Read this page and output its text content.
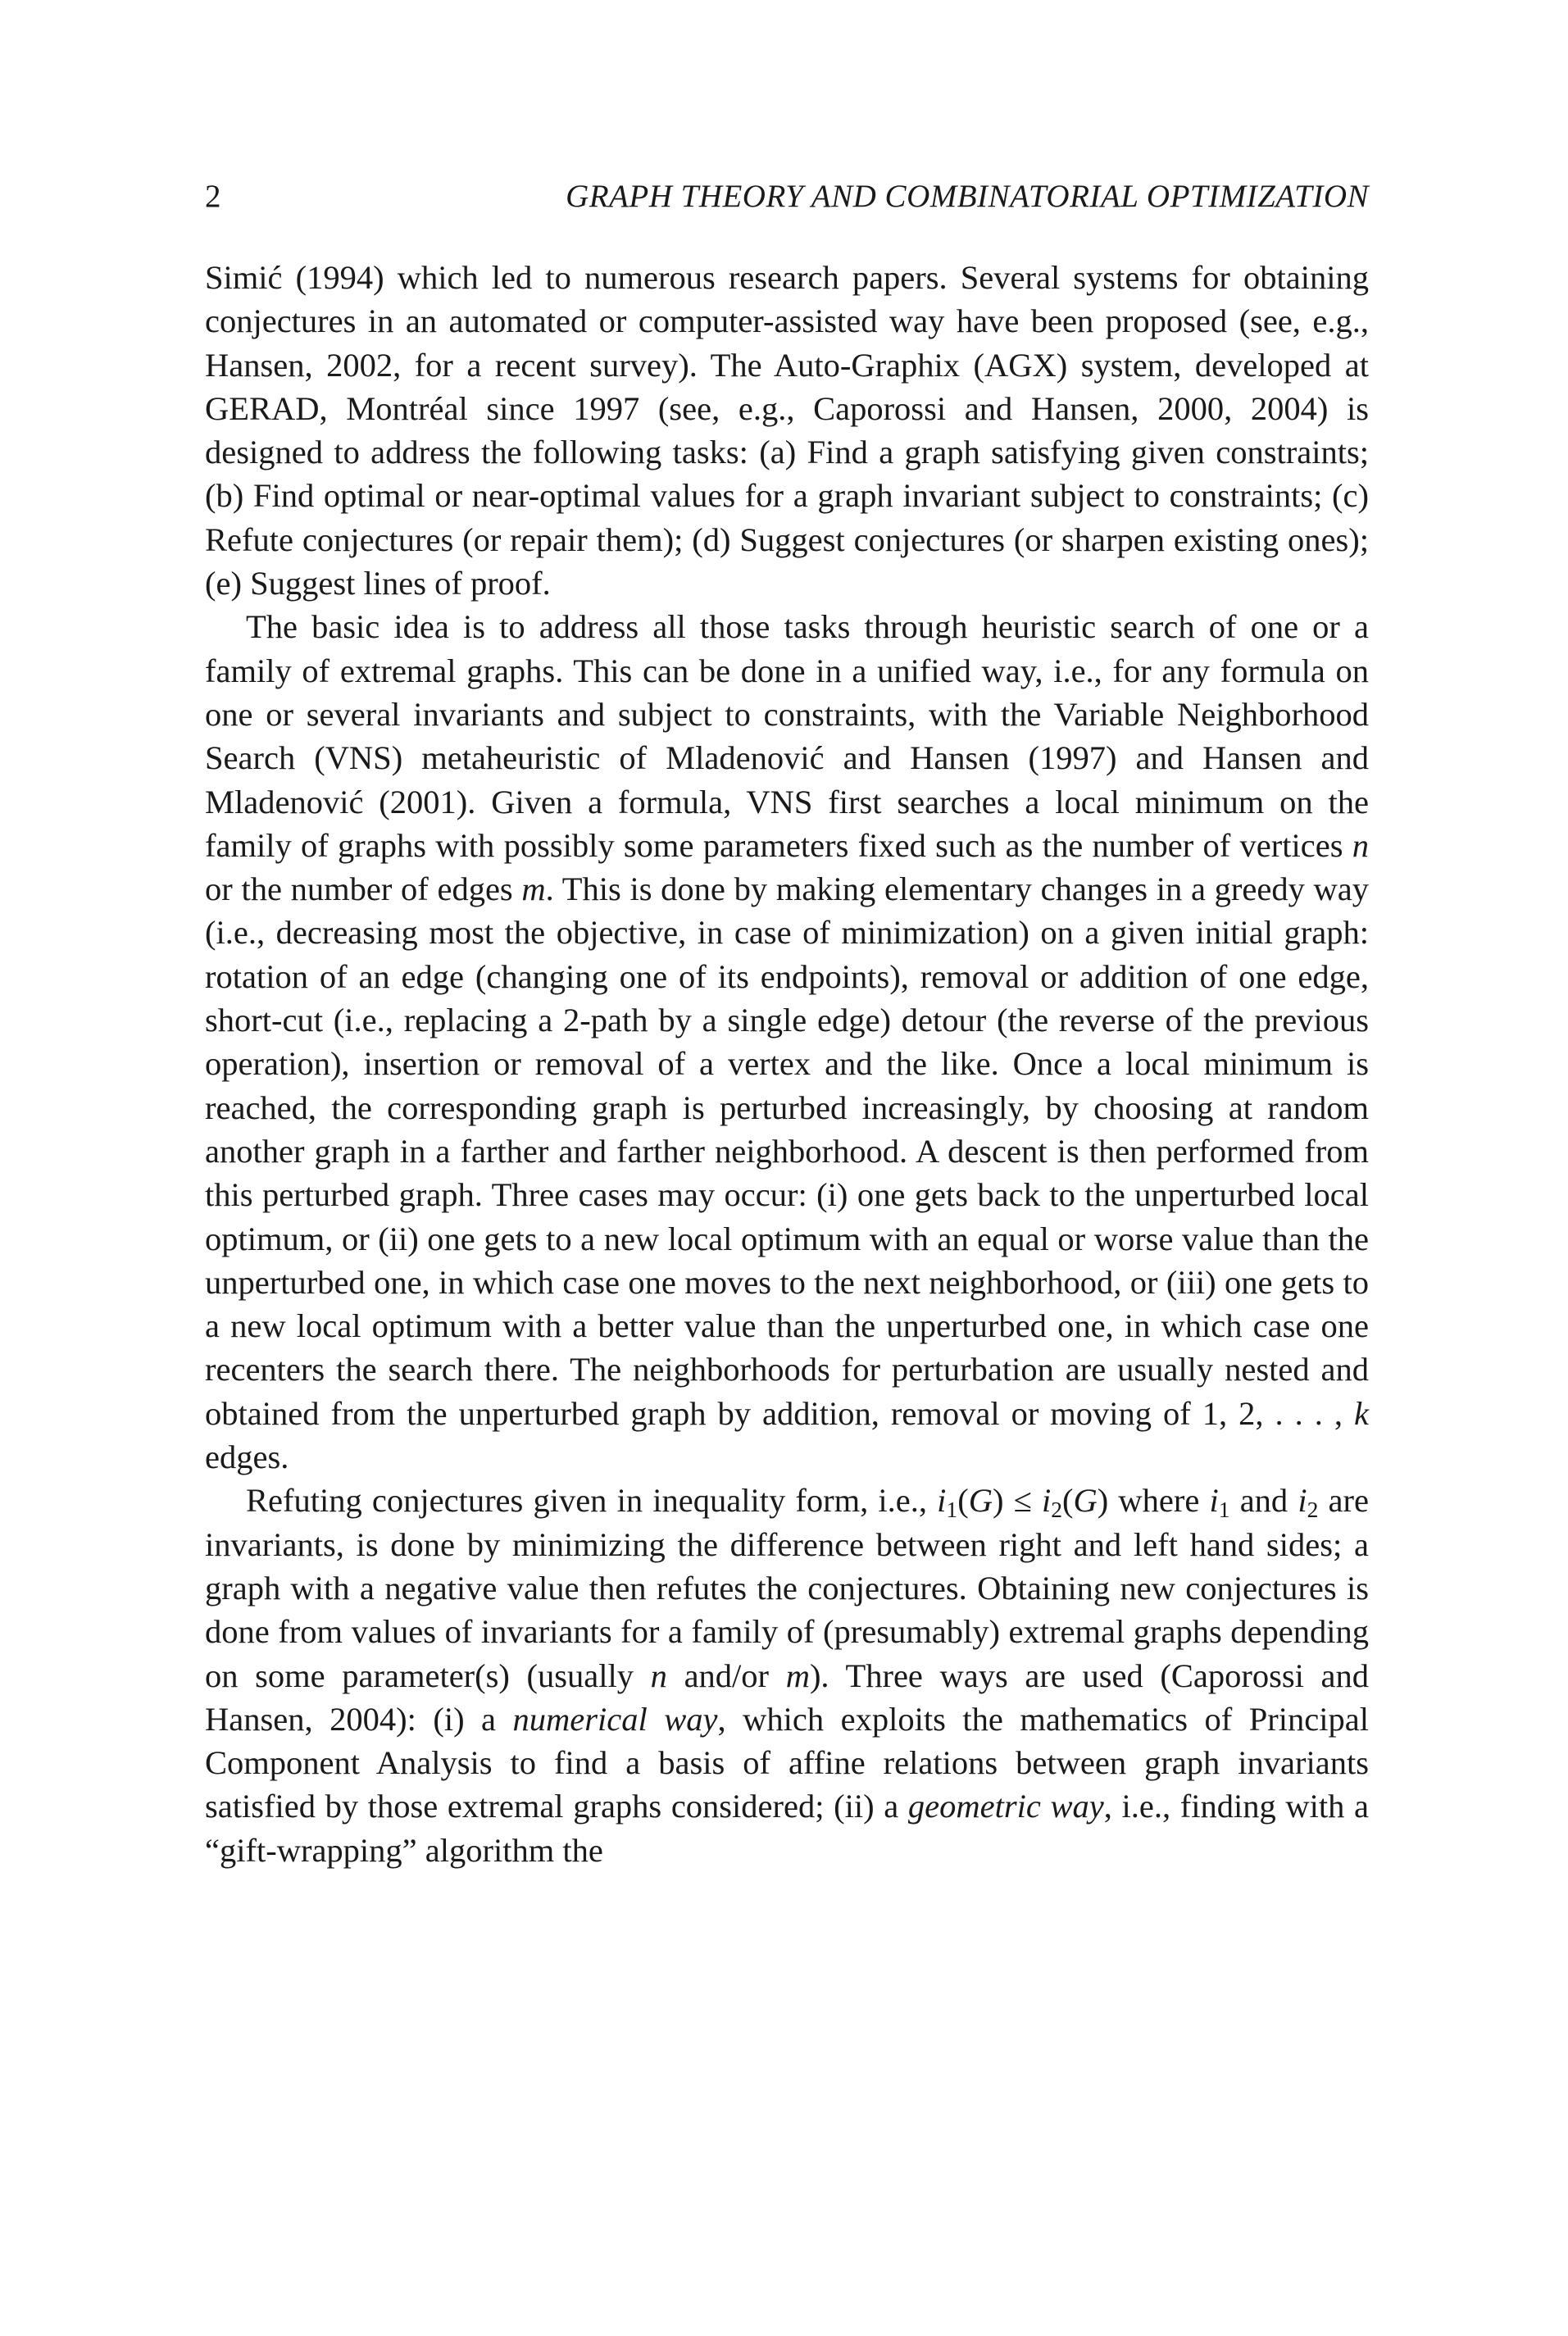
2	GRAPH THEORY AND COMBINATORIAL OPTIMIZATION

Simić (1994) which led to numerous research papers. Several systems for obtaining conjectures in an automated or computer-assisted way have been proposed (see, e.g., Hansen, 2002, for a recent survey). The Auto-Graphix (AGX) system, developed at GERAD, Montréal since 1997 (see, e.g., Caporossi and Hansen, 2000, 2004) is designed to address the following tasks: (a) Find a graph satisfying given constraints; (b) Find optimal or near-optimal values for a graph invariant subject to constraints; (c) Refute conjectures (or repair them); (d) Suggest conjectures (or sharpen existing ones); (e) Suggest lines of proof.

The basic idea is to address all those tasks through heuristic search of one or a family of extremal graphs. This can be done in a unified way, i.e., for any formula on one or several invariants and subject to constraints, with the Variable Neighborhood Search (VNS) metaheuristic of Mladenović and Hansen (1997) and Hansen and Mladenović (2001). Given a formula, VNS first searches a local minimum on the family of graphs with possibly some parameters fixed such as the number of vertices n or the number of edges m. This is done by making elementary changes in a greedy way (i.e., decreasing most the objective, in case of minimization) on a given initial graph: rotation of an edge (changing one of its endpoints), removal or addition of one edge, short-cut (i.e., replacing a 2-path by a single edge) detour (the reverse of the previous operation), insertion or removal of a vertex and the like. Once a local minimum is reached, the corresponding graph is perturbed increasingly, by choosing at random another graph in a farther and farther neighborhood. A descent is then performed from this perturbed graph. Three cases may occur: (i) one gets back to the unperturbed local optimum, or (ii) one gets to a new local optimum with an equal or worse value than the unperturbed one, in which case one moves to the next neighborhood, or (iii) one gets to a new local optimum with a better value than the unperturbed one, in which case one recenters the search there. The neighborhoods for perturbation are usually nested and obtained from the unperturbed graph by addition, removal or moving of 1, 2, . . . , k edges.

Refuting conjectures given in inequality form, i.e., $i_1(G) \le i_2(G)$ where $i_1$ and $i_2$ are invariants, is done by minimizing the difference between right and left hand sides; a graph with a negative value then refutes the conjectures. Obtaining new conjectures is done from values of invariants for a family of (presumably) extremal graphs depending on some parameter(s) (usually n and/or m). Three ways are used (Caporossi and Hansen, 2004): (i) a numerical way, which exploits the mathematics of Principal Component Analysis to find a basis of affine relations between graph invariants satisfied by those extremal graphs considered; (ii) a geometric way, i.e., finding with a “gift-wrapping” algorithm the
